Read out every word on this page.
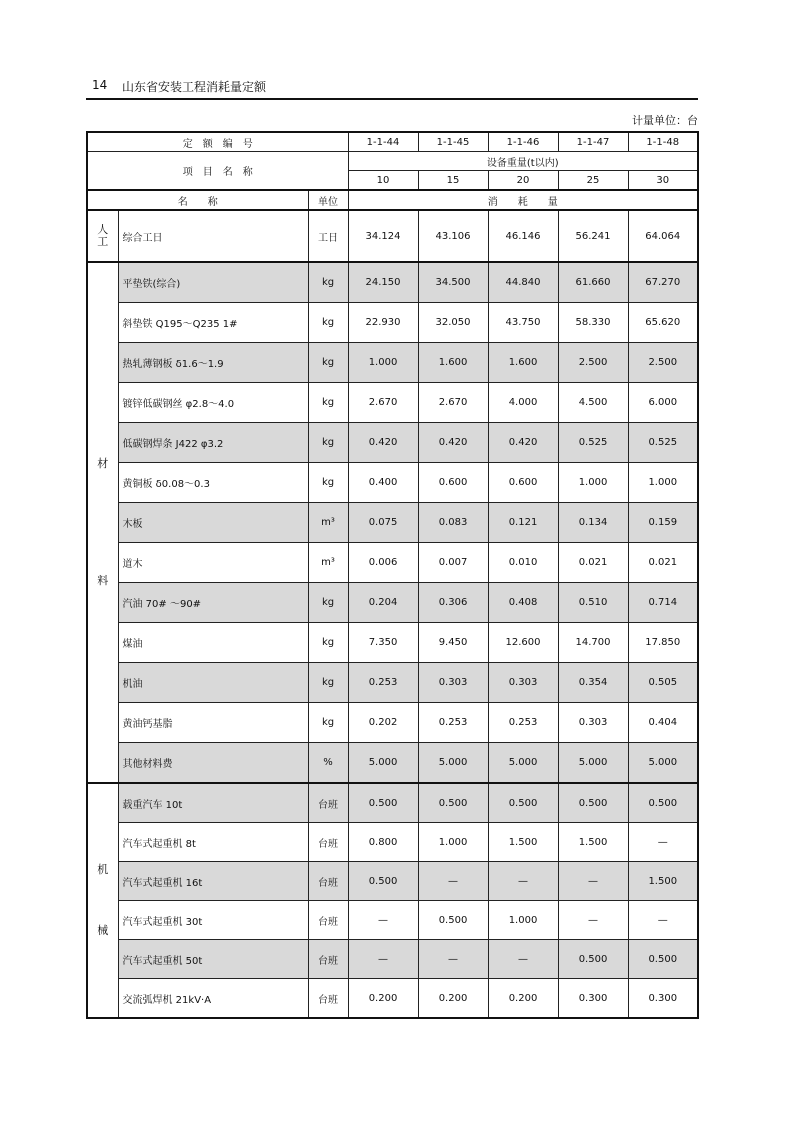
14 山东省安装工程消耗量定额
计量单位：台
定　额　编　号			1-1-44	1-1-45	1-1-46	1-1-47	1-1-48
项　目　名　称			设备重量(t以内)				
			10	15	20	25	30
名　　称		单位	消　　耗　　量				

人
工	综合工日	工日	34.124	43.106	46.146	56.241	64.064

材
料	平垫铁(综合)	kg	24.150	34.500	44.840	61.660	67.270
	斜垫铁 Q195～Q235 1#	kg	22.930	32.050	43.750	58.330	65.620
	热轧薄钢板 δ1.6～1.9	kg	1.000	1.600	1.600	2.500	2.500
	镀锌低碳钢丝 φ2.8～4.0	kg	2.670	2.670	4.000	4.500	6.000
	低碳钢焊条 J422 φ3.2	kg	0.420	0.420	0.420	0.525	0.525
	黄铜板 δ0.08～0.3	kg	0.400	0.600	0.600	1.000	1.000
	木板	m³	0.075	0.083	0.121	0.134	0.159
	道木	m³	0.006	0.007	0.010	0.021	0.021
	汽油 70# ～90#	kg	0.204	0.306	0.408	0.510	0.714
	煤油	kg	7.350	9.450	12.600	14.700	17.850
	机油	kg	0.253	0.303	0.303	0.354	0.505
	黄油钙基脂	kg	0.202	0.253	0.253	0.303	0.404
	其他材料费	%	5.000	5.000	5.000	5.000	5.000

机
械	载重汽车 10t	台班	0.500	0.500	0.500	0.500	0.500
	汽车式起重机 8t	台班	0.800	1.000	1.500	1.500	—
	汽车式起重机 16t	台班	0.500	—	—	—	1.500
	汽车式起重机 30t	台班	—	0.500	1.000	—	—
	汽车式起重机 50t	台班	—	—	—	0.500	0.500
	交流弧焊机 21kV·A	台班	0.200	0.200	0.200	0.300	0.300
